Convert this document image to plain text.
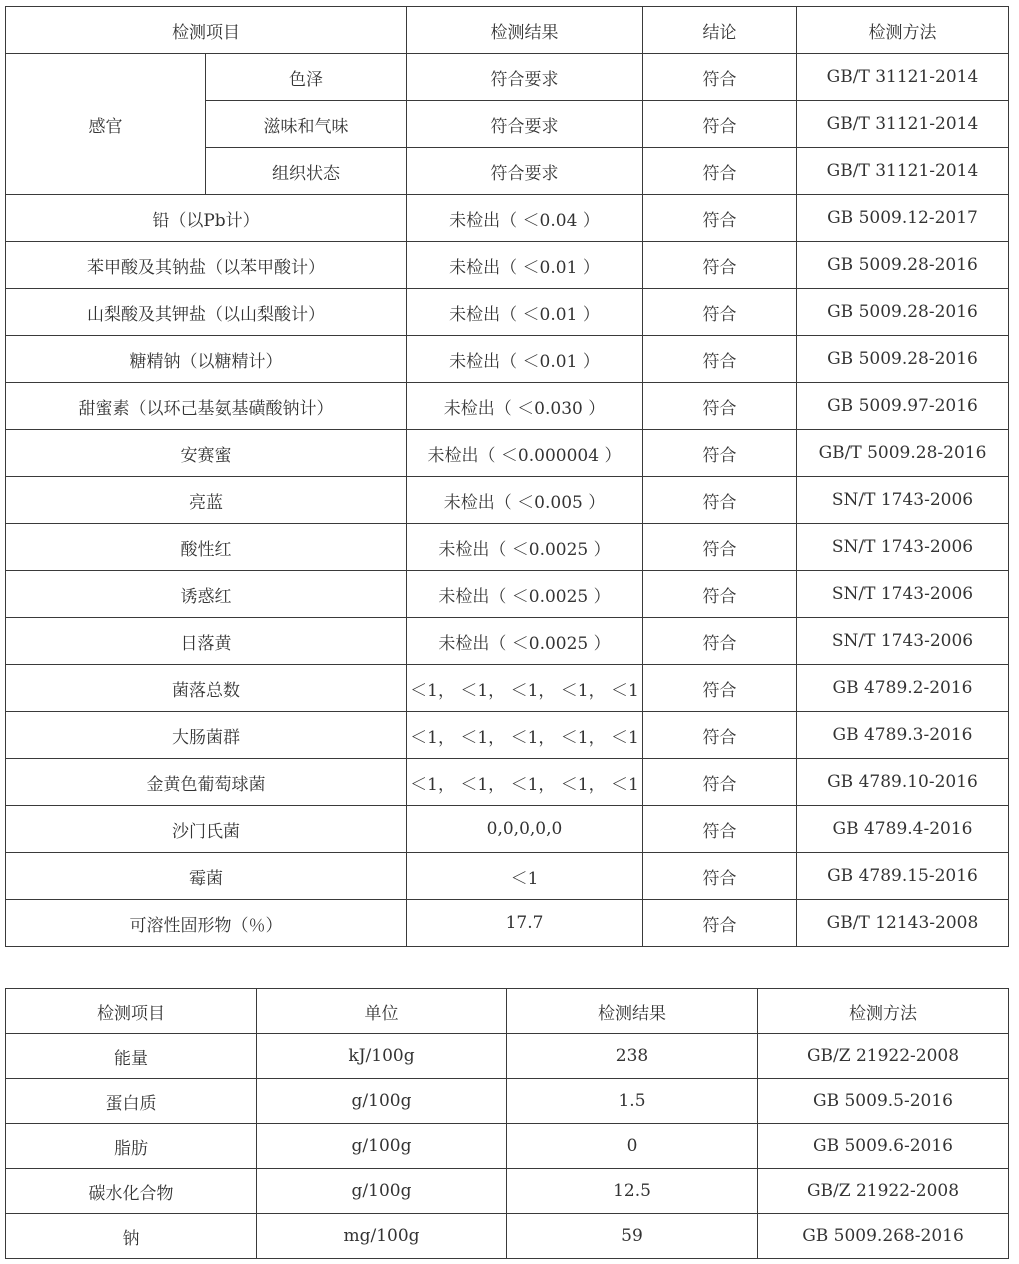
检测项目		检测结果	结论	检测方法
感官	色泽	符合要求	符合	GB/T 31121-2014
	滋味和气味	符合要求	符合	GB/T 31121-2014
	组织状态	符合要求	符合	GB/T 31121-2014
铅（以Pb计）		未检出（ ＜0.04 ）	符合	GB 5009.12-2017
苯甲酸及其钠盐（以苯甲酸计）		未检出（ ＜0.01 ）	符合	GB 5009.28-2016
山梨酸及其钾盐（以山梨酸计）		未检出（ ＜0.01 ）	符合	GB 5009.28-2016
糖精钠（以糖精计）		未检出（ ＜0.01 ）	符合	GB 5009.28-2016
甜蜜素（以环己基氨基磺酸钠计）		未检出（ ＜0.030 ）	符合	GB 5009.97-2016
安赛蜜		未检出（ ＜0.000004 ）	符合	GB/T 5009.28-2016
亮蓝		未检出（ ＜0.005 ）	符合	SN/T 1743-2006
酸性红		未检出（ ＜0.0025 ）	符合	SN/T 1743-2006
诱惑红		未检出（ ＜0.0025 ）	符合	SN/T 1743-2006
日落黄		未检出（ ＜0.0025 ）	符合	SN/T 1743-2006
菌落总数		＜1， ＜1， ＜1， ＜1， ＜1	符合	GB 4789.2-2016
大肠菌群		＜1， ＜1， ＜1， ＜1， ＜1	符合	GB 4789.3-2016
金黄色葡萄球菌		＜1， ＜1， ＜1， ＜1， ＜1	符合	GB 4789.10-2016
沙门氏菌		0,0,0,0,0	符合	GB 4789.4-2016
霉菌		＜1	符合	GB 4789.15-2016
可溶性固形物（％）		17.7	符合	GB/T 12143-2008
检测项目	单位	检测结果	检测方法
能量	kJ/100g	238	GB/Z 21922-2008
蛋白质	g/100g	1.5	GB 5009.5-2016
脂肪	g/100g	0	GB 5009.6-2016
碳水化合物	g/100g	12.5	GB/Z 21922-2008
钠	mg/100g	59	GB 5009.268-2016
